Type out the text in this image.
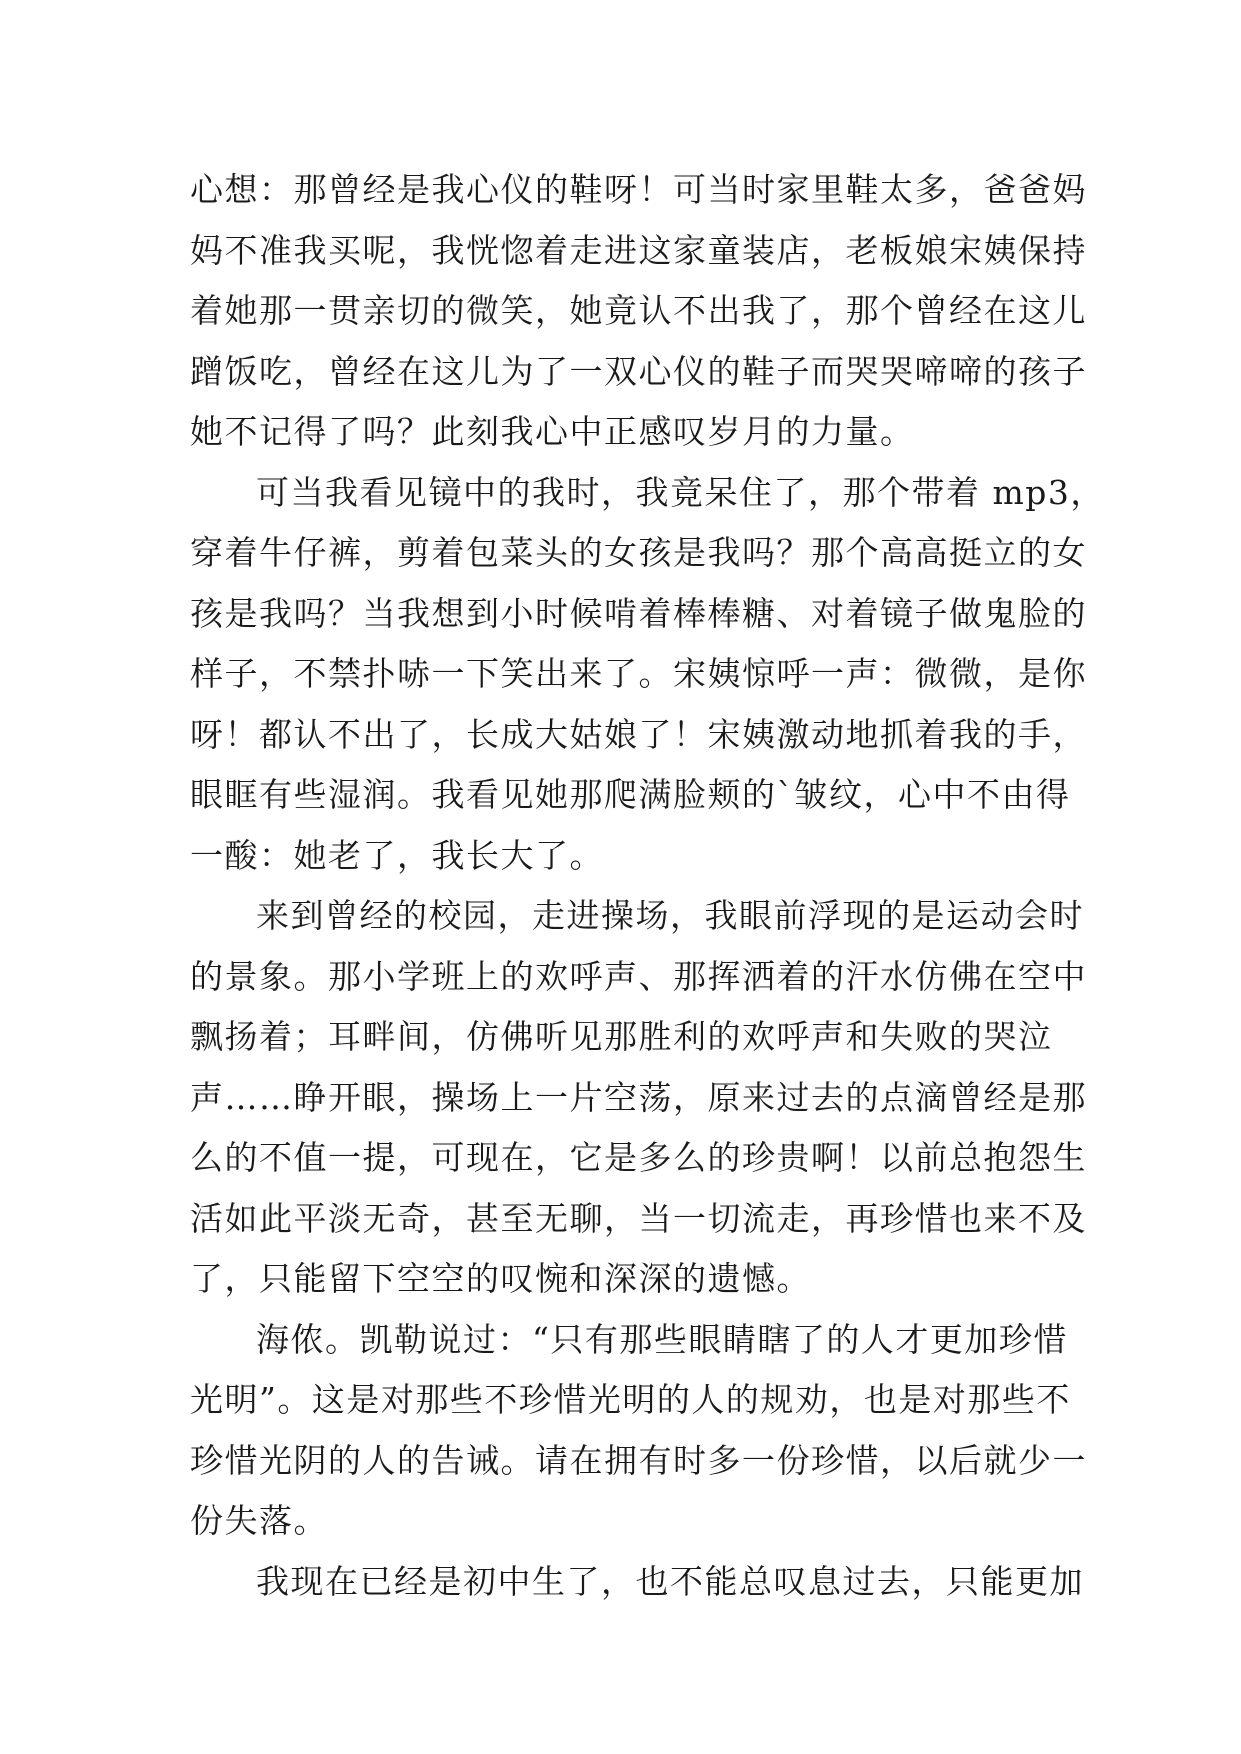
心想：那曾经是我心仪的鞋呀！可当时家里鞋太多，爸爸妈
妈不准我买呢，我恍惚着走进这家童装店，老板娘宋姨保持
着她那一贯亲切的微笑，她竟认不出我了，那个曾经在这儿
蹭饭吃，曾经在这儿为了一双心仪的鞋子而哭哭啼啼的孩子
她不记得了吗？此刻我心中正感叹岁月的力量。
可当我看见镜中的我时，我竟呆住了，那个带着 mp3，
穿着牛仔裤，剪着包菜头的女孩是我吗？那个高高挺立的女
孩是我吗？当我想到小时候啃着棒棒糖、对着镜子做鬼脸的
样子，不禁扑哧一下笑出来了。宋姨惊呼一声：微微，是你
呀！都认不出了，长成大姑娘了！宋姨激动地抓着我的手，
眼眶有些湿润。我看见她那爬满脸颊的`皱纹，心中不由得
一酸：她老了，我长大了。
来到曾经的校园，走进操场，我眼前浮现的是运动会时
的景象。那小学班上的欢呼声、那挥洒着的汗水仿佛在空中
飘扬着；耳畔间，仿佛听见那胜利的欢呼声和失败的哭泣
声……睁开眼，操场上一片空荡，原来过去的点滴曾经是那
么的不值一提，可现在，它是多么的珍贵啊！以前总抱怨生
活如此平淡无奇，甚至无聊，当一切流走，再珍惜也来不及
了，只能留下空空的叹惋和深深的遗憾。
海侬。凯勒说过：“只有那些眼睛瞎了的人才更加珍惜
光明”。这是对那些不珍惜光明的人的规劝，也是对那些不
珍惜光阴的人的告诫。请在拥有时多一份珍惜，以后就少一
份失落。
我现在已经是初中生了，也不能总叹息过去，只能更加
